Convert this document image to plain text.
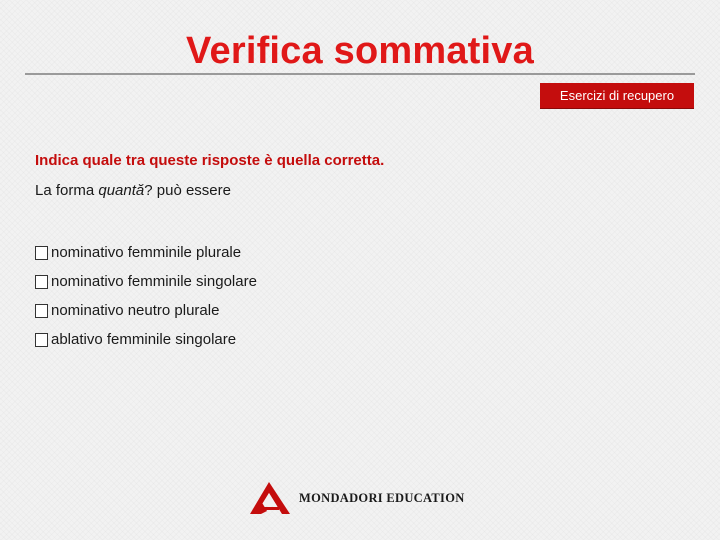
Verifica sommativa
Esercizi di recupero
Indica quale tra queste risposte è quella corretta.
La forma quantă? può essere
nominativo femminile plurale
nominativo femminile singolare
nominativo neutro plurale
ablativo femminile singolare
MONDADORI EDUCATION
